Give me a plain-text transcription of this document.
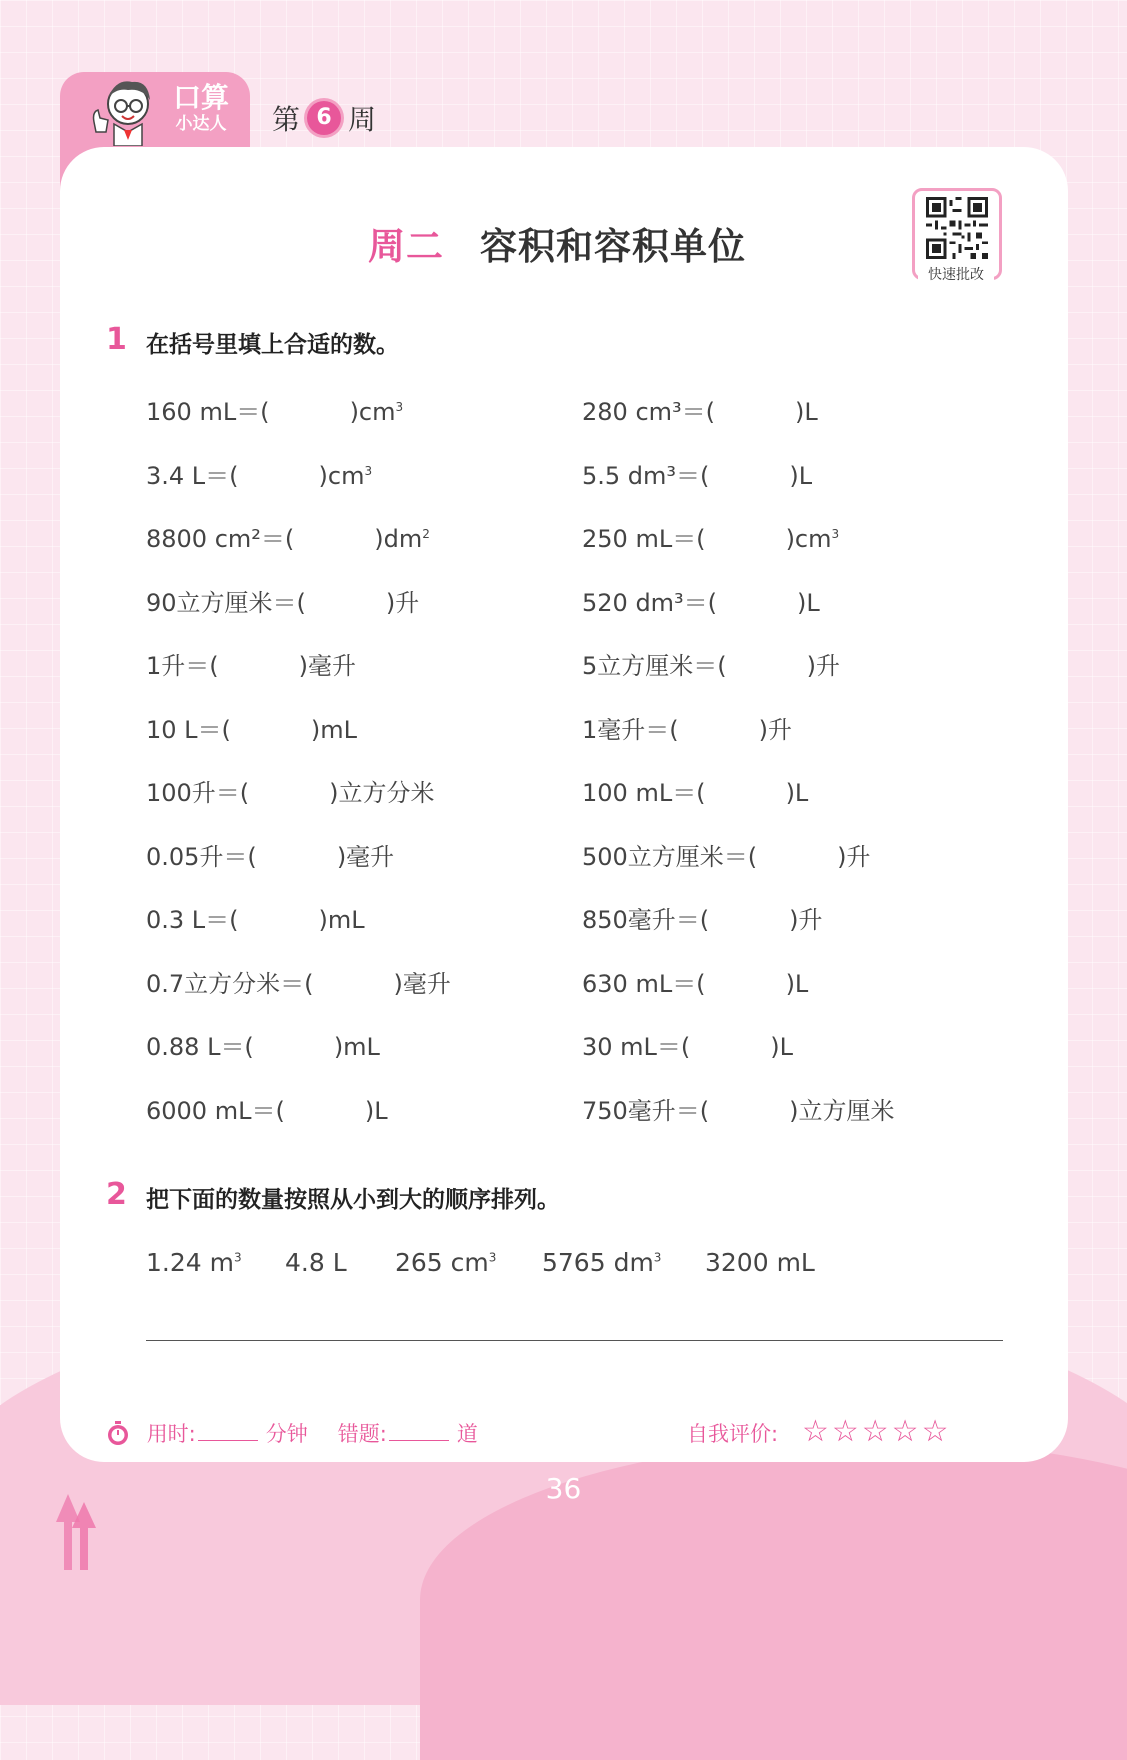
口算
小达人 第 6 周
周二 容积和容积单位
快速批改
1 在括号里填上合适的数。
160 mL＝(	)$cm^3$
3.4 L＝(	)$cm^3$
8800 cm²＝(	)$dm^2$
90立方厘米＝(	)升
1升＝(	)毫升
10 L＝(	)mL
100升＝(	)立方分米
0.05升＝(	)毫升
0.3 L＝(	)mL
0.7立方分米＝(	)毫升
0.88 L＝(	)mL
6000 mL＝(	)L
280 cm³＝(	)L
5.5 dm³＝(	)L
250 mL＝(	)$cm^3$
520 dm³＝(	)L
5立方厘米＝(	)升
1毫升＝(	)升
100 mL＝(	)L
500立方厘米＝(	)升
850毫升＝(	)升
630 mL＝(	)L
30 mL＝(	)L
750毫升＝(	)立方厘米
2 把下面的数量按照从小到大的顺序排列。
1.24 $m^3$ 4.8 L 265 $cm^3$ 5765 $dm^3$ 3200 mL
用时:	分钟 错题:	道	自我评价: ☆☆☆☆☆
36
